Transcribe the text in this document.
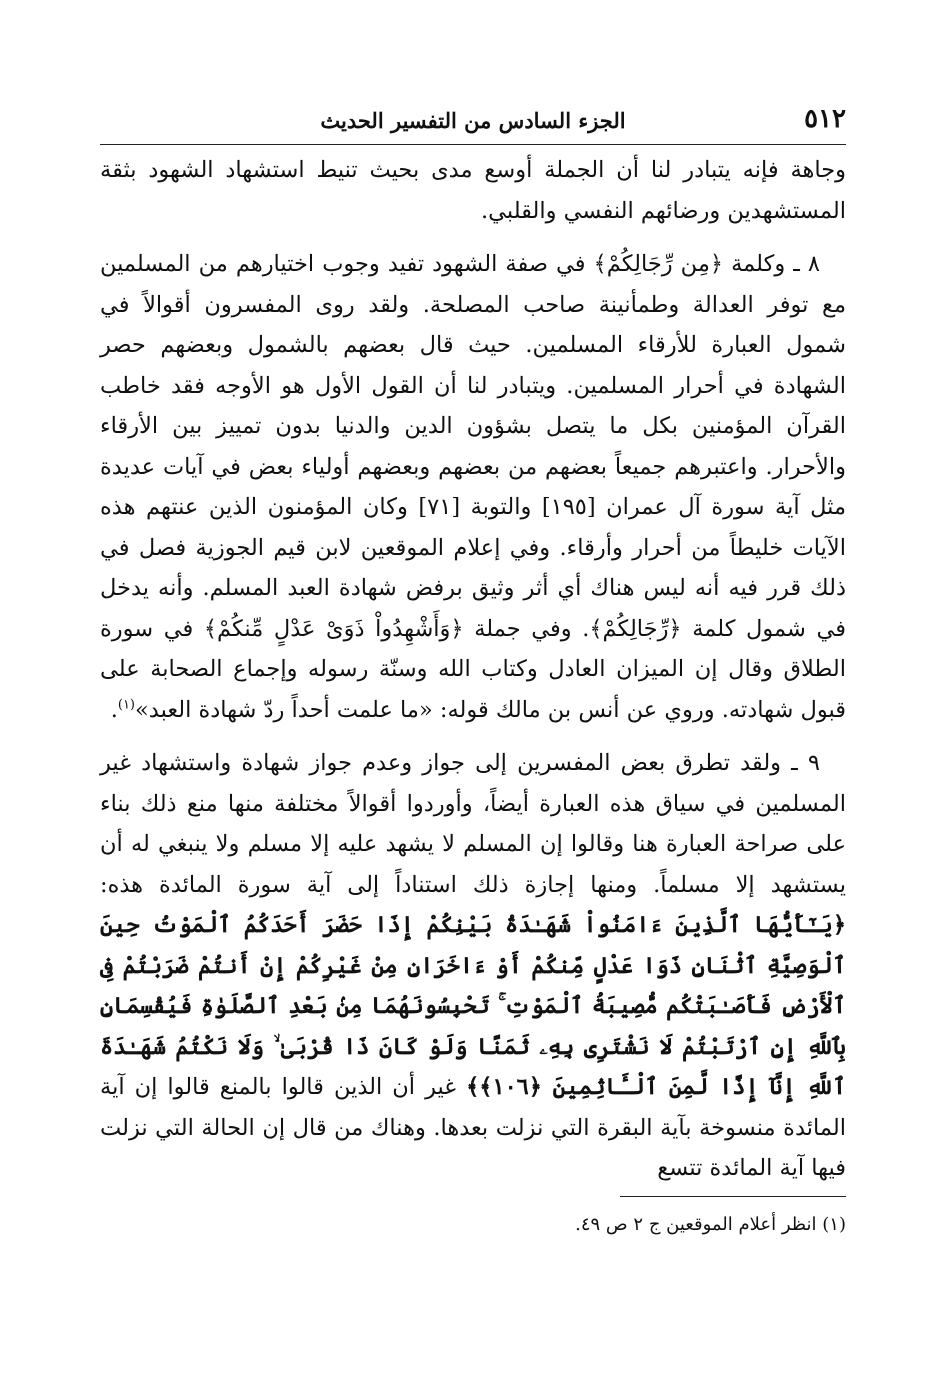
٥١٢
الجزء السادس من التفسير الحديث

وجاهة فإنه يتبادر لنا أن الجملة أوسع مدى بحيث تنيط استشهاد الشهود بثقة المستشهدين ورضائهم النفسي والقلبي.

٨ ـ وكلمة ﴿مِن رِّجَالِكُمْ﴾ في صفة الشهود تفيد وجوب اختيارهم من المسلمين مع توفر العدالة وطمأنينة صاحب المصلحة. ولقد روى المفسرون أقوالاً في شمول العبارة للأرقاء المسلمين. حيث قال بعضهم بالشمول وبعضهم حصر الشهادة في أحرار المسلمين. ويتبادر لنا أن القول الأول هو الأوجه فقد خاطب القرآن المؤمنين بكل ما يتصل بشؤون الدين والدنيا بدون تمييز بين الأرقاء والأحرار. واعتبرهم جميعاً بعضهم من بعضهم وبعضهم أولياء بعض في آيات عديدة مثل آية سورة آل عمران [١٩٥] والتوبة [٧١] وكان المؤمنون الذين عنتهم هذه الآيات خليطاً من أحرار وأرقاء. وفي إعلام الموقعين لابن قيم الجوزية فصل في ذلك قرر فيه أنه ليس هناك أي أثر وثيق برفض شهادة العبد المسلم. وأنه يدخل في شمول كلمة ﴿رِّجَالِكُمْ﴾. وفي جملة ﴿وَأَشْهِدُواْ ذَوَىْ عَدْلٍ مِّنكُمْ﴾ في سورة الطلاق وقال إن الميزان العادل وكتاب الله وسنّة رسوله وإجماع الصحابة على قبول شهادته. وروي عن أنس بن مالك قوله: «ما علمت أحداً ردّ شهادة العبد»$^{(١)}$.

٩ ـ ولقد تطرق بعض المفسرين إلى جواز وعدم جواز شهادة واستشهاد غير المسلمين في سياق هذه العبارة أيضاً، وأوردوا أقوالاً مختلفة منها منع ذلك بناء على صراحة العبارة هنا وقالوا إن المسلم لا يشهد عليه إلا مسلم ولا ينبغي له أن يستشهد إلا مسلماً. ومنها إجازة ذلك استناداً إلى آية سورة المائدة هذه: ﴿يَـٰٓأَيُّهَا ٱلَّذِينَ ءَامَنُواْ شَهَـٰدَةُ بَيْنِكُمْ إِذَا حَضَرَ أَحَدَكُمُ ٱلْمَوْتُ حِينَ ٱلْوَصِيَّةِ ٱثْنَانِ ذَوَا عَدْلٍ مِّنكُمْ أَوْ ءَاخَرَانِ مِنْ غَيْرِكُمْ إِنْ أَنتُمْ ضَرَبْتُمْ فِى ٱلْأَرْضِ فَأَصَـٰبَتْكُم مُّصِيبَةُ ٱلْمَوْتِ ۚ تَحْبِسُونَهُمَا مِنۢ بَعْدِ ٱلصَّلَوٰةِ فَيُقْسِمَانِ بِٱللَّهِ إِنِ ٱرْتَبْتُمْ لَا نَشْتَرِى بِهِۦ ثَمَنًا وَلَوْ كَانَ ذَا قُرْبَىٰ ۙ وَلَا نَكْتُمُ شَهَـٰدَةَ ٱللَّهِ إِنَّآ إِذًا لَّمِنَ ٱلْـَٔاثِمِينَ ﴿١٠٦﴾﴾ غير أن الذين قالوا بالمنع قالوا إن آية المائدة منسوخة بآية البقرة التي نزلت بعدها. وهناك من قال إن الحالة التي نزلت فيها آية المائدة تتسع

(١) انظر أعلام الموقعين ج ٢ ص ٤٩.
